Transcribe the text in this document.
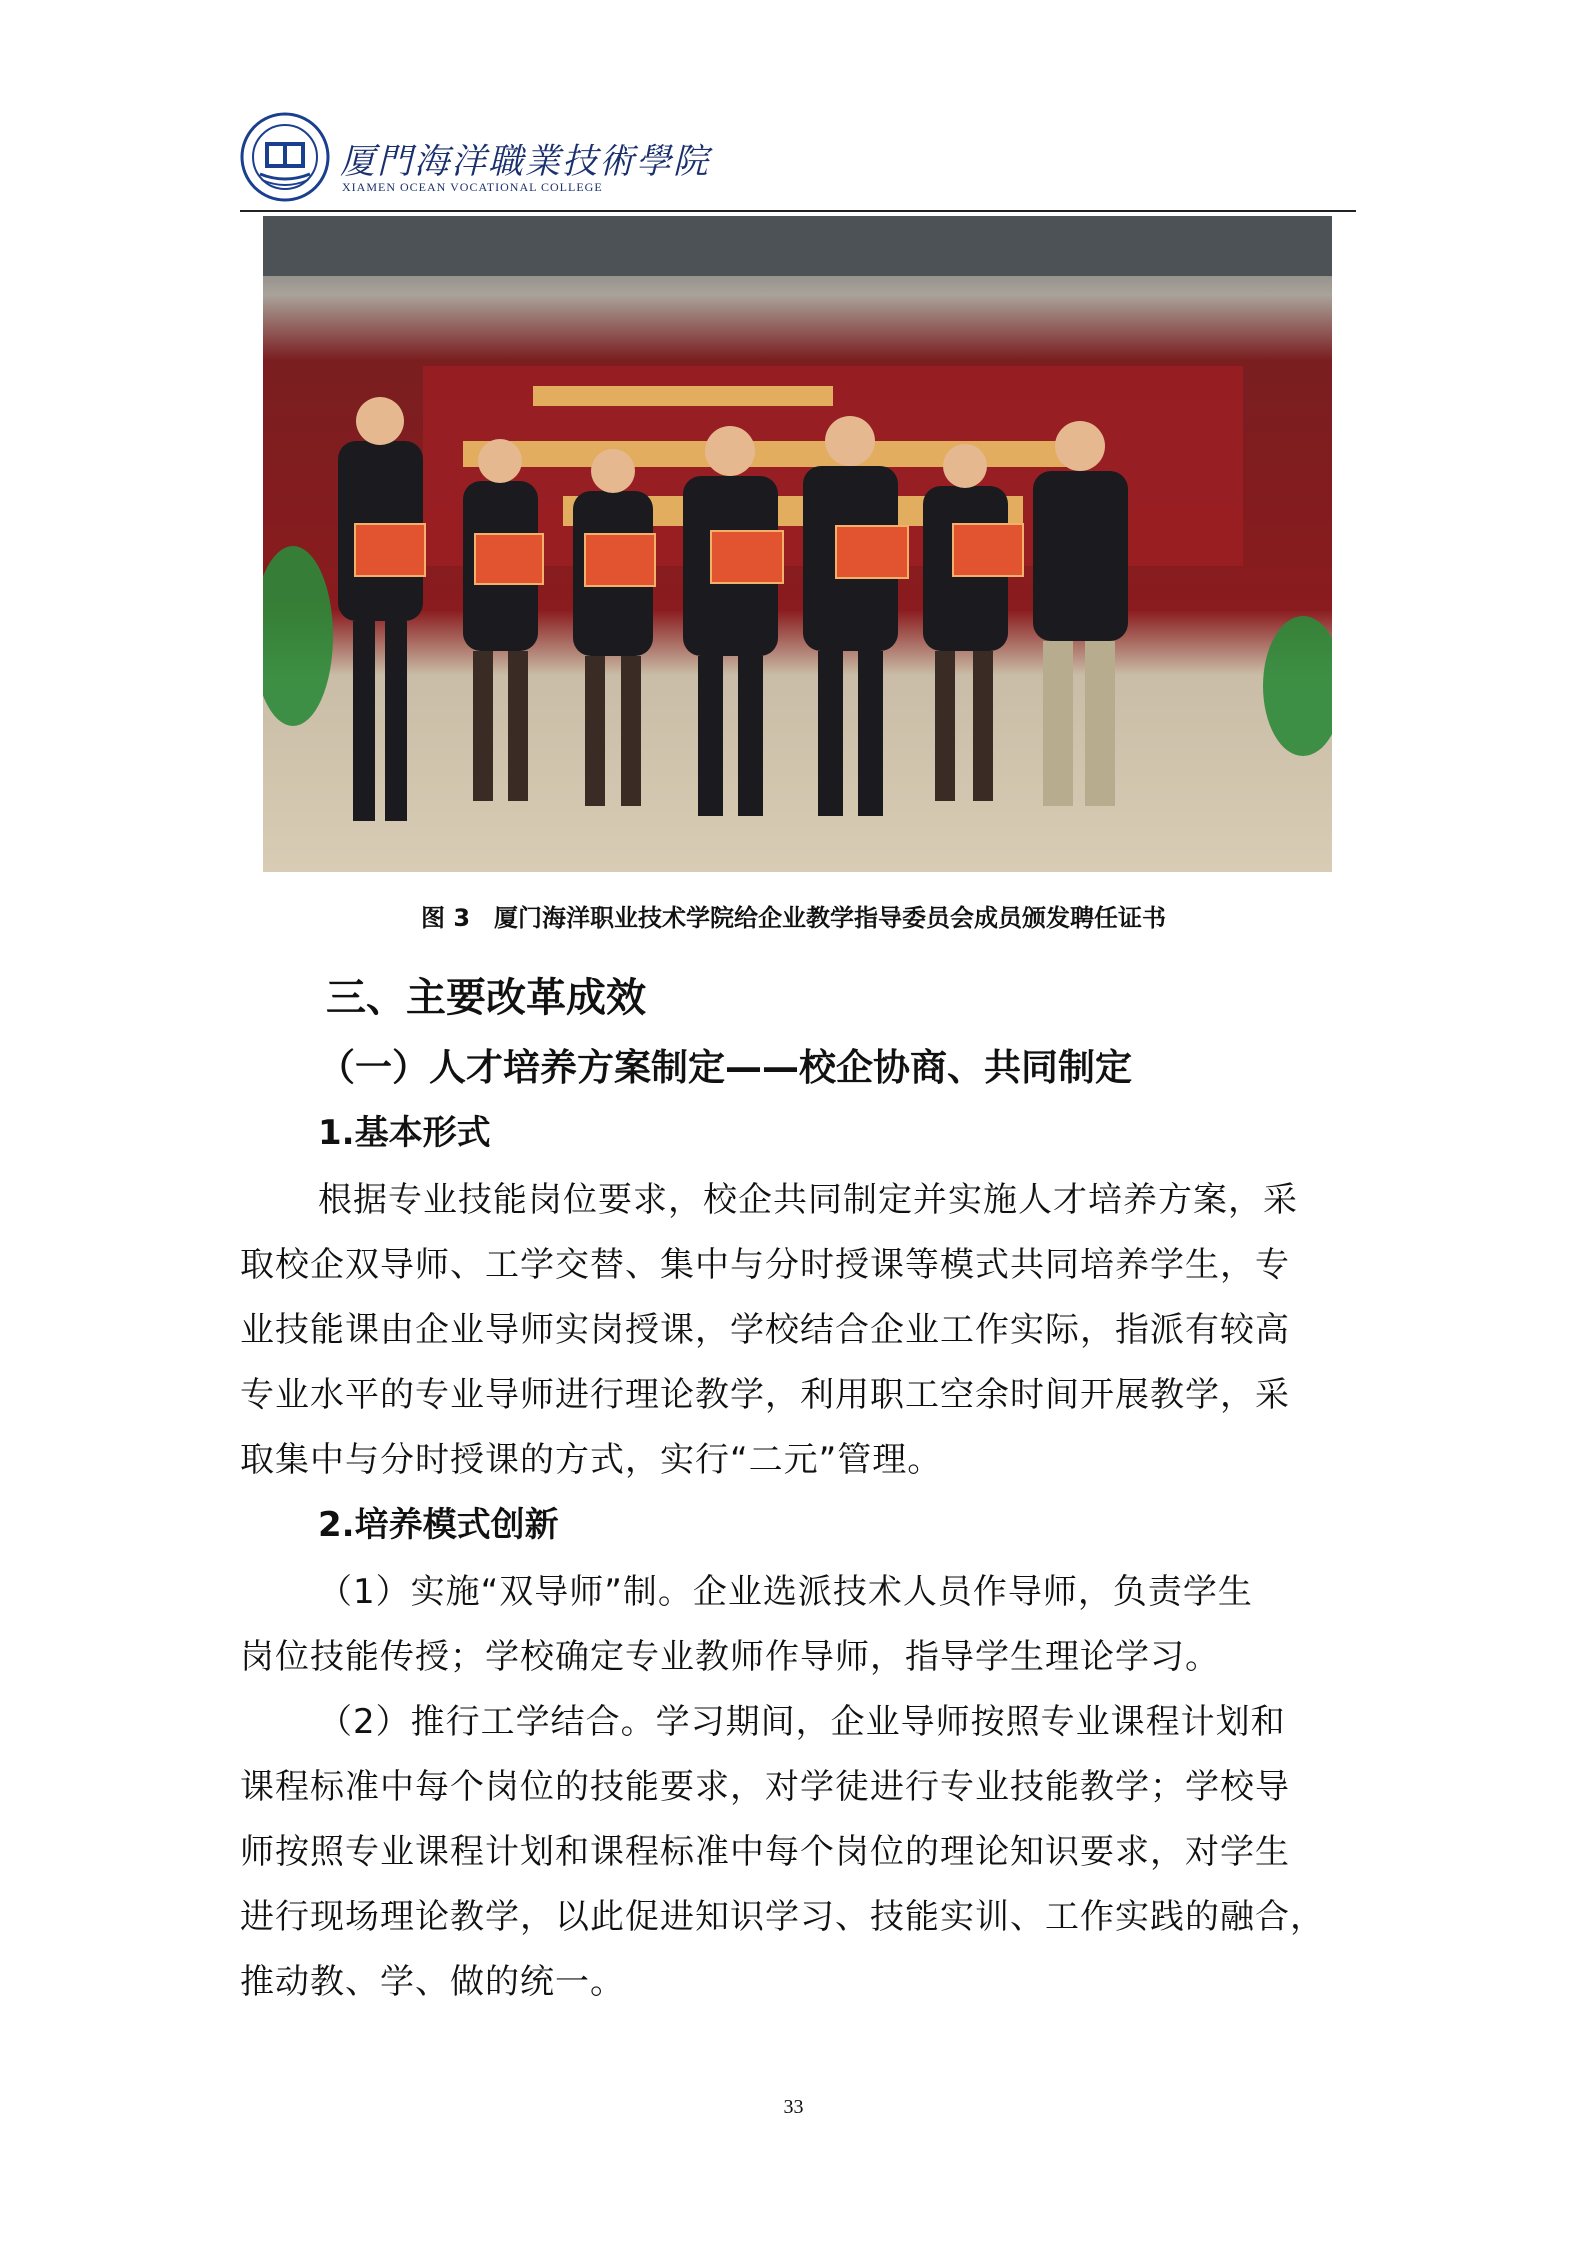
厦門海洋職業技術學院
XIAMEN OCEAN VOCATIONAL COLLEGE
图 3　厦门海洋职业技术学院给企业教学指导委员会成员颁发聘任证书
三、主要改革成效
（一）人才培养方案制定——校企协商、共同制定
1.基本形式
根据专业技能岗位要求，校企共同制定并实施人才培养方案，采
取校企双导师、工学交替、集中与分时授课等模式共同培养学生，专
业技能课由企业导师实岗授课，学校结合企业工作实际，指派有较高
专业水平的专业导师进行理论教学，利用职工空余时间开展教学，采
取集中与分时授课的方式，实行“二元”管理。
2.培养模式创新
（1）实施“双导师”制。企业选派技术人员作导师，负责学生
岗位技能传授；学校确定专业教师作导师，指导学生理论学习。
（2）推行工学结合。学习期间，企业导师按照专业课程计划和
课程标准中每个岗位的技能要求，对学徒进行专业技能教学；学校导
师按照专业课程计划和课程标准中每个岗位的理论知识要求，对学生
进行现场理论教学，以此促进知识学习、技能实训、工作实践的融合，
推动教、学、做的统一。
33
